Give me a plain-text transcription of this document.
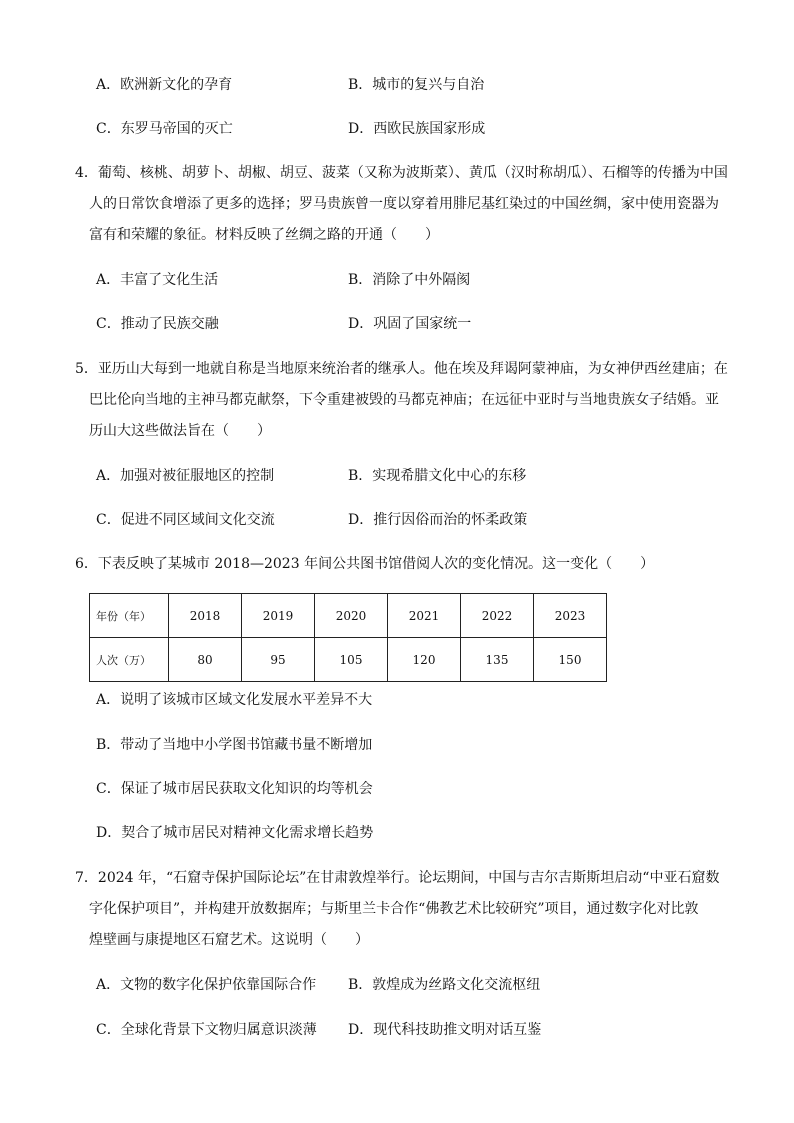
A．欧洲新文化的孕育	B．城市的复兴与自治
C．东罗马帝国的灭亡	D．西欧民族国家形成
4．葡萄、核桃、胡萝卜、胡椒、胡豆、菠菜（又称为波斯菜）、黄瓜（汉时称胡瓜）、石榴等的传播为中国
人的日常饮食增添了更多的选择；罗马贵族曾一度以穿着用腓尼基红染过的中国丝绸，家中使用瓷器为
富有和荣耀的象征。材料反映了丝绸之路的开通（　　）
A．丰富了文化生活	B．消除了中外隔阂
C．推动了民族交融	D．巩固了国家统一
5．亚历山大每到一地就自称是当地原来统治者的继承人。他在埃及拜谒阿蒙神庙，为女神伊西丝建庙；在
巴比伦向当地的主神马都克献祭，下令重建被毁的马都克神庙；在远征中亚时与当地贵族女子结婚。亚
历山大这些做法旨在（　　）
A．加强对被征服地区的控制	B．实现希腊文化中心的东移
C．促进不同区域间文化交流	D．推行因俗而治的怀柔政策
6．下表反映了某城市 2018—2023 年间公共图书馆借阅人次的变化情况。这一变化（　　）
年份（年）	2018	2019	2020	2021	2022	2023
人次（万）	80	95	105	120	135	150
A．说明了该城市区域文化发展水平差异不大
B．带动了当地中小学图书馆藏书量不断增加
C．保证了城市居民获取文化知识的均等机会
D．契合了城市居民对精神文化需求增长趋势
7．2024 年，“石窟寺保护国际论坛”在甘肃敦煌举行。论坛期间，中国与吉尔吉斯斯坦启动“中亚石窟数
字化保护项目”，并构建开放数据库；与斯里兰卡合作“佛教艺术比较研究”项目，通过数字化对比敦
煌壁画与康提地区石窟艺术。这说明（　　）
A．文物的数字化保护依靠国际合作 B．敦煌成为丝路文化交流枢纽
C．全球化背景下文物归属意识淡薄 D．现代科技助推文明对话互鉴
